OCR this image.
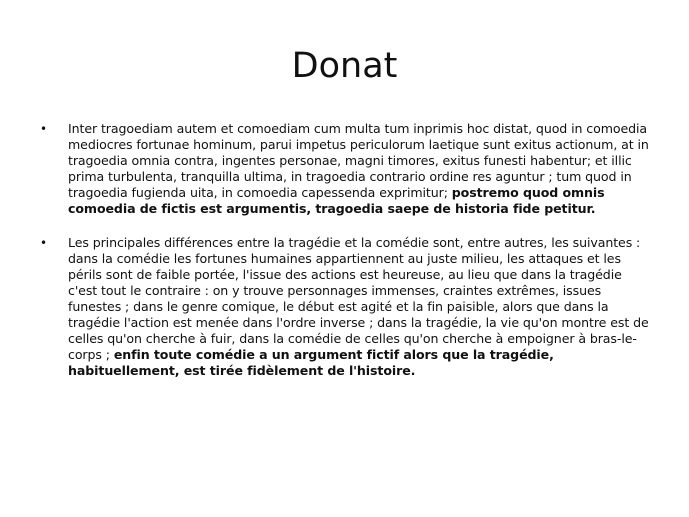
Donat
• Inter tragoediam autem et comoediam cum multa tum inprimis hoc distat, quod in comoedia mediocres fortunae hominum, parui impetus periculorum laetique sunt exitus actionum, at in tragoedia omnia contra, ingentes personae, magni timores, exitus funesti habentur; et illic prima turbulenta, tranquilla ultima, in tragoedia contrario ordine res aguntur ; tum quod in tragoedia fugienda uita, in comoedia capessenda exprimitur; postremo quod omnis comoedia de fictis est argumentis, tragoedia saepe de historia fide petitur.
• Les principales différences entre la tragédie et la comédie sont, entre autres, les suivantes : dans la comédie les fortunes humaines appartiennent au juste milieu, les attaques et les périls sont de faible portée, l'issue des actions est heureuse, au lieu que dans la tragédie c'est tout le contraire : on y trouve personnages immenses, craintes extrêmes, issues funestes ; dans le genre comique, le début est agité et la fin paisible, alors que dans la tragédie l'action est menée dans l'ordre inverse ; dans la tragédie, la vie qu'on montre est de celles qu'on cherche à fuir, dans la comédie de celles qu'on cherche à empoigner à bras-le-corps ; enfin toute comédie a un argument fictif alors que la tragédie, habituellement, est tirée fidèlement de l'histoire.
